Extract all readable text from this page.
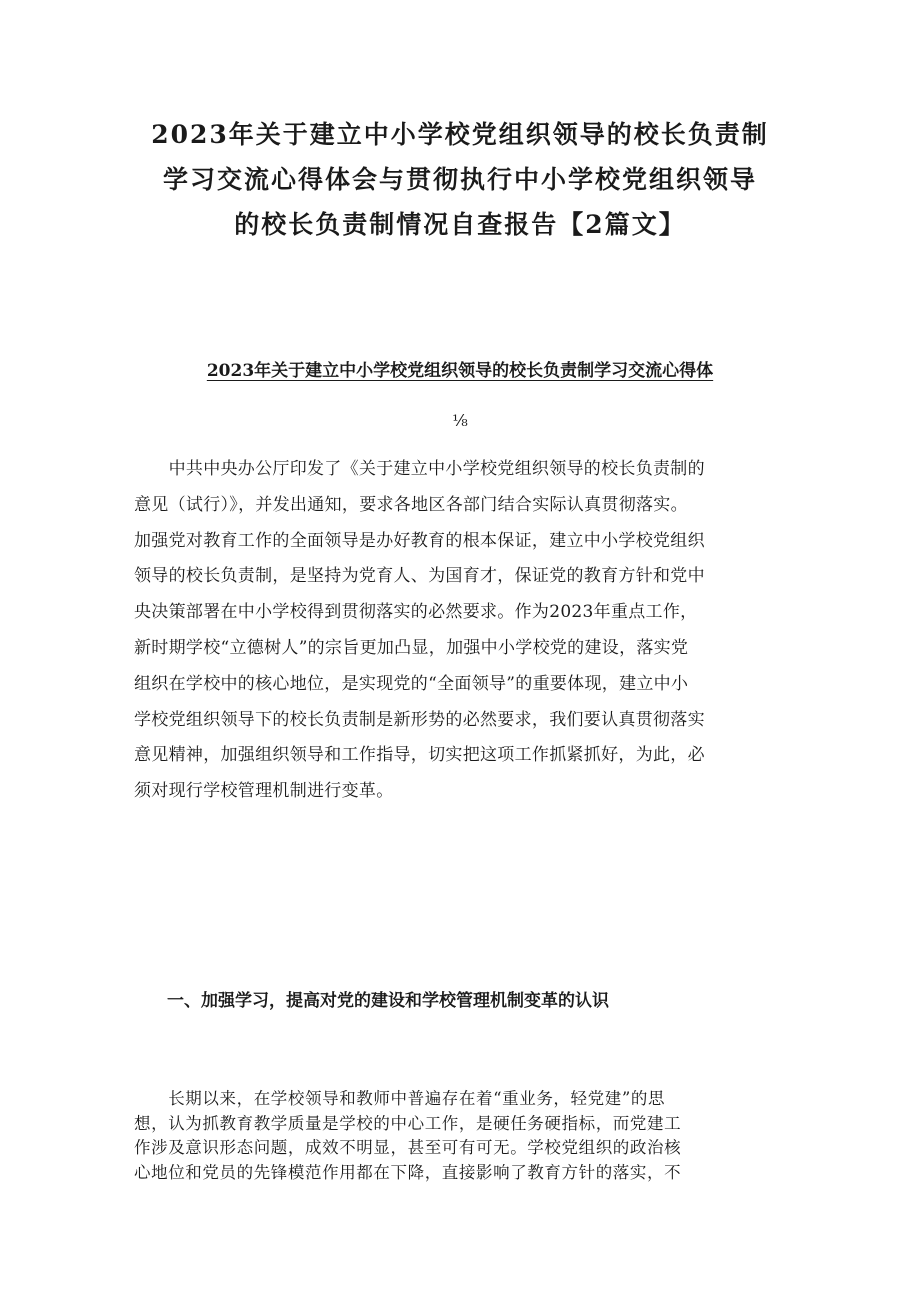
2023年关于建立中小学校党组织领导的校长负责制
学习交流心得体会与贯彻执行中小学校党组织领导
的校长负责制情况自查报告【2篇文】
2023年关于建立中小学校党组织领导的校长负责制学习交流心得体
⅛

　　中共中央办公厅印发了《关于建立中小学校党组织领导的校长负责制的
意见（试行）》，并发出通知，要求各地区各部门结合实际认真贯彻落实。
加强党对教育工作的全面领导是办好教育的根本保证，建立中小学校党组织
领导的校长负责制，是坚持为党育人、为国育才，保证党的教育方针和党中
央决策部署在中小学校得到贯彻落实的必然要求。作为2023年重点工作，
新时期学校“立德树人”的宗旨更加凸显，加强中小学校党的建设，落实党
组织在学校中的核心地位，是实现党的“全面领导”的重要体现，建立中小
学校党组织领导下的校长负责制是新形势的必然要求，我们要认真贯彻落实
意见精神，加强组织领导和工作指导，切实把这项工作抓紧抓好，为此，必
须对现行学校管理机制进行变革。

一、加强学习，提高对党的建设和学校管理机制变革的认识

　　长期以来，在学校领导和教师中普遍存在着“重业务，轻党建”的思
想，认为抓教育教学质量是学校的中心工作，是硬任务硬指标，而党建工
作涉及意识形态问题，成效不明显，甚至可有可无。学校党组织的政治核
心地位和党员的先锋模范作用都在下降，直接影响了教育方针的落实，不
